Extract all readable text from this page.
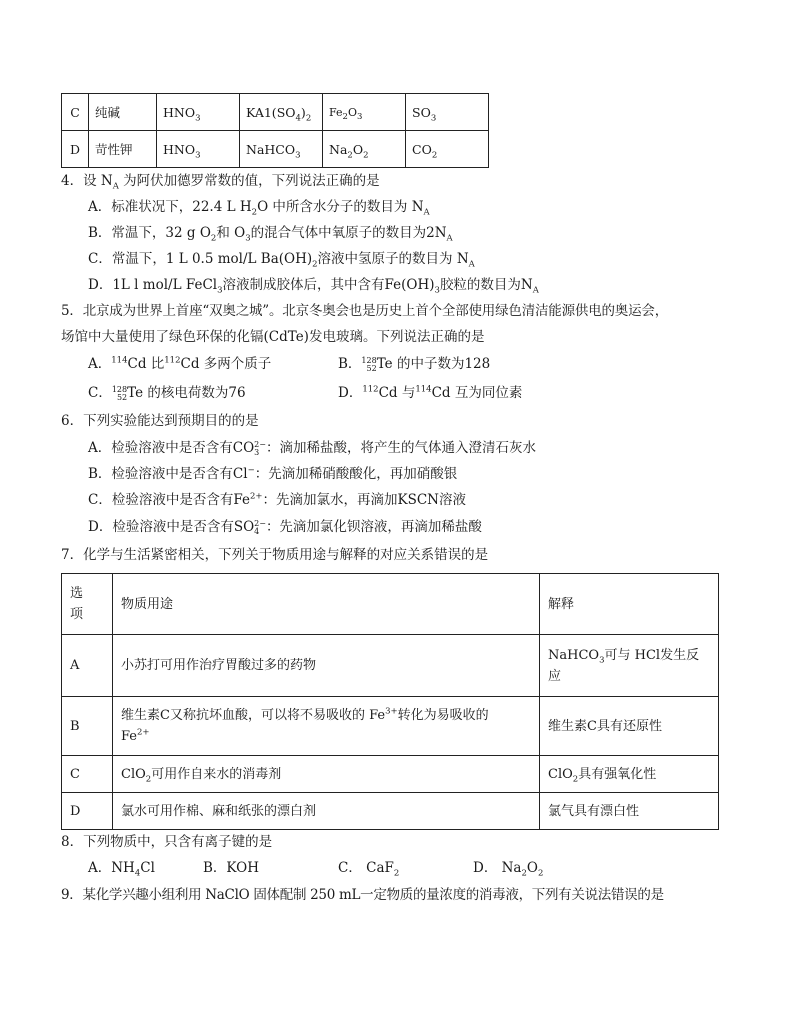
C	纯碱	$HNO_3$	$KA1(SO_4)_2$	$Fe_2O_3$	$SO_3$
D	苛性钾	$HNO_3$	NaHCO$_3$	$Na_2O_2$	$CO_2$
4．设 $N_A$ 为阿伏加德罗常数的值，下列说法正确的是
A．标准状况下，22.4 L $H_2O$ 中所含水分子的数目为 $N_A$
B．常温下，32 g $O_2$和 $O_3$的混合气体中氧原子的数目为$2N_A$
C．常温下，1 L 0.5 mol/L $Ba(OH)_2$溶液中氢原子的数目为 $N_A$
D．1L l mol/L FeCl$_3$溶液制成胶体后，其中含有$Fe(OH)_3$胶粒的数目为$N_A$
5．北京成为世界上首座“双奥之城”。北京冬奥会也是历史上首个全部使用绿色清洁能源供电的奥运会，
场馆中大量使用了绿色环保的化镉(CdTe)发电玻璃。下列说法正确的是
A．$^{114}$Cd 比$^{112}$Cd 多两个质子	B．128
52Te 的中子数为128
C．128
52Te 的核电荷数为76	D．$^{112}$Cd 与$^{114}$Cd 互为同位素
6．下列实验能达到预期目的的是
A．检验溶液中是否含有CO2−
3 ：滴加稀盐酸，将产生的气体通入澄清石灰水
B．检验溶液中是否含有Cl−：先滴加稀硝酸酸化，再加硝酸银
C．检验溶液中是否含有$Fe^{2+}$：先滴加氯水，再滴加KSCN溶液
D．检验溶液中是否含有SO2−
4 ：先滴加氯化钡溶液，再滴加稀盐酸
7．化学与生活紧密相关，下列关于物质用途与解释的对应关系错误的是
选
项	物质用途	解释
A	小苏打可用作治疗胃酸过多的药物	NaHCO$_3$可与 HCl发生反
应
B	维生素C又称抗坏血酸，可以将不易吸收的 $Fe^{3+}$转化为易吸收的
$Fe^{2+}$	维生素C具有还原性
C	ClO$_2$可用作自来水的消毒剂	ClO$_2$具有强氧化性
D	氯水可用作棉、麻和纸张的漂白剂	氯气具有漂白性
8．下列物质中，只含有离子键的是
A．$NH_4Cl$	B．KOH	C． CaF$_2$	D． $Na_2O_2$
9．某化学兴趣小组利用 NaClO 固体配制 250 mL一定物质的量浓度的消毒液，下列有关说法错误的是
